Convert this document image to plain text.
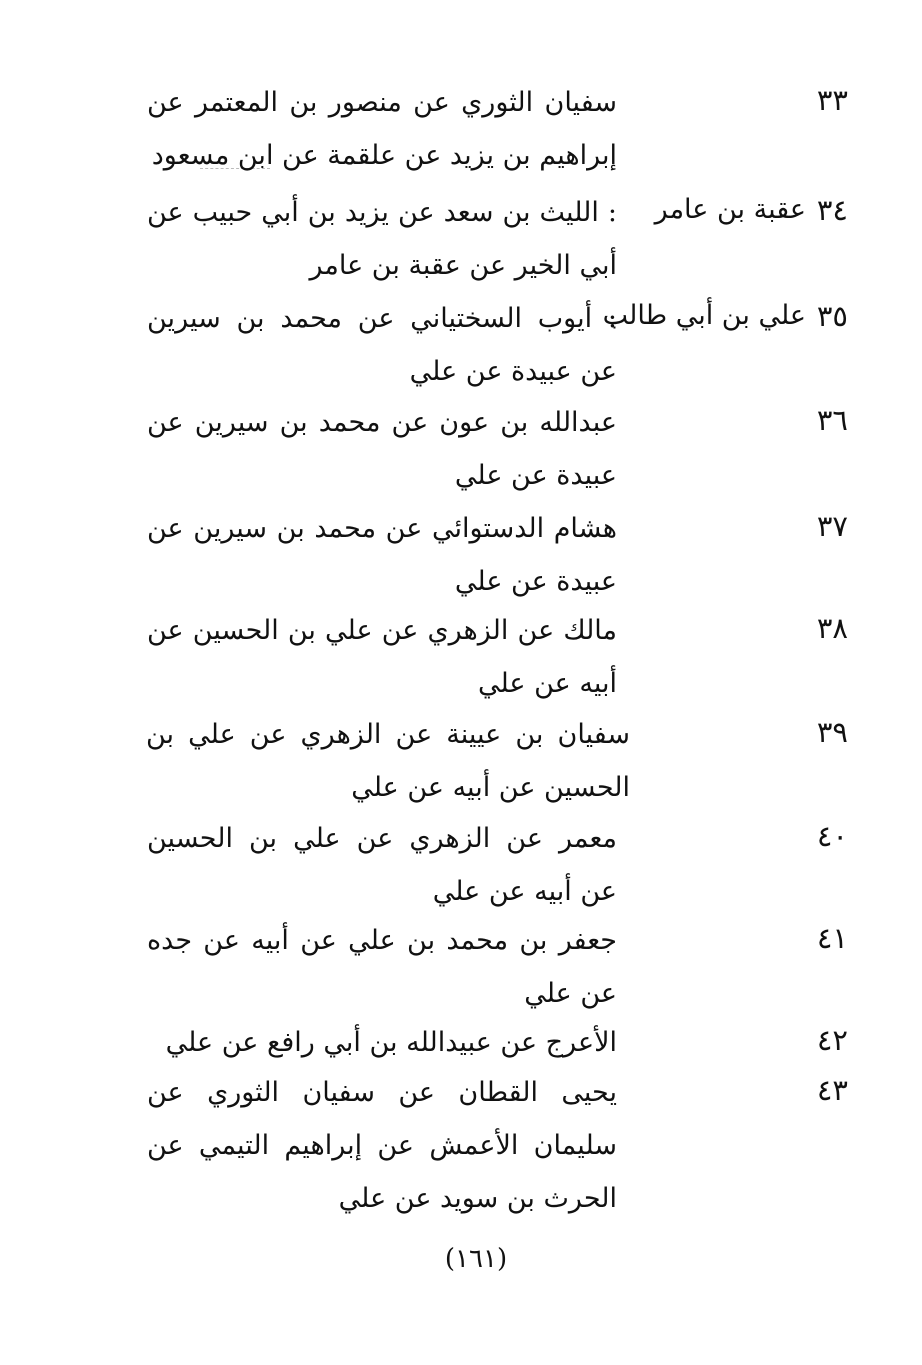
٣٣
سفيان الثوري عن منصور بن المعتمر عن إبراهيم بن يزيد عن علقمة عن ابن مسعود
٣٤
عقبة بن عامر
: الليث بن سعد عن يزيد بن أبي حبيب عن أبي الخير عن عقبة بن عامر
٣٥
علي بن أبي طالب
: أيوب السختياني عن محمد بن سيرين عن عبيدة عن علي
٣٦
عبدالله بن عون عن محمد بن سيرين عن عبيدة عن علي
٣٧
هشام الدستوائي عن محمد بن سيرين عن عبيدة عن علي
٣٨
مالك عن الزهري عن علي بن الحسين عن أبيه عن علي
٣٩
سفيان بن عيينة عن الزهري عن علي بن الحسين عن أبيه عن علي
٤٠
معمر عن الزهري عن علي بن الحسين عن أبيه عن علي
٤١
جعفر بن محمد بن علي عن أبيه عن جده عن علي
٤٢
الأعرج عن عبيدالله بن أبي رافع عن علي
٤٣
يحيى القطان عن سفيان الثوري عن سليمان الأعمش عن إبراهيم التيمي عن الحرث بن سويد عن علي
(١٦١)
